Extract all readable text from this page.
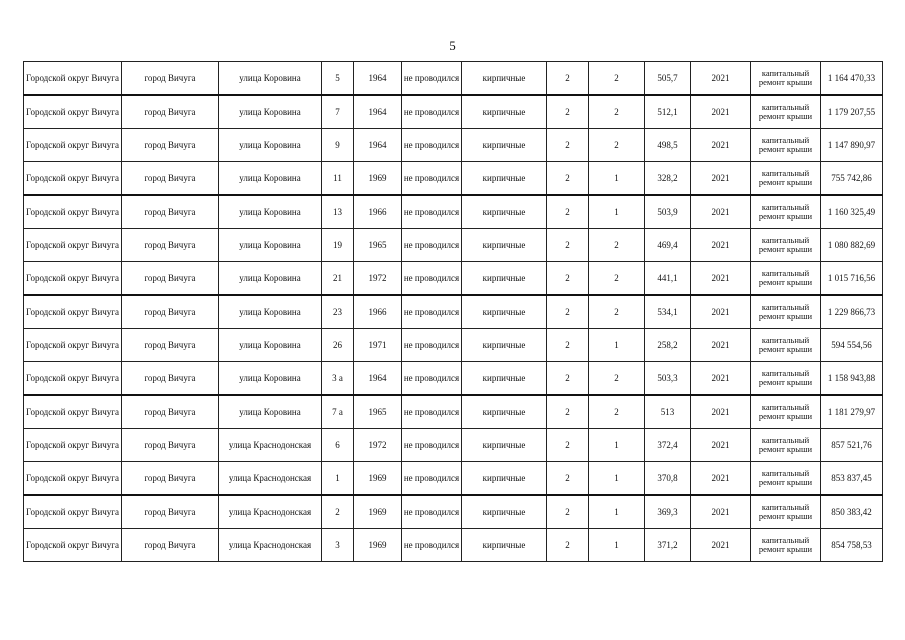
5
Городской округ Вичуга	город Вичуга	улица Коровина	5	1964	не проводился	кирпичные	2	2	505,7	2021	капитальный ремонт крыши	1 164 470,33
Городской округ Вичуга	город Вичуга	улица Коровина	7	1964	не проводился	кирпичные	2	2	512,1	2021	капитальный ремонт крыши	1 179 207,55
Городской округ Вичуга	город Вичуга	улица Коровина	9	1964	не проводился	кирпичные	2	2	498,5	2021	капитальный ремонт крыши	1 147 890,97
Городской округ Вичуга	город Вичуга	улица Коровина	11	1969	не проводился	кирпичные	2	1	328,2	2021	капитальный ремонт крыши	755 742,86
Городской округ Вичуга	город Вичуга	улица Коровина	13	1966	не проводился	кирпичные	2	1	503,9	2021	капитальный ремонт крыши	1 160 325,49
Городской округ Вичуга	город Вичуга	улица Коровина	19	1965	не проводился	кирпичные	2	2	469,4	2021	капитальный ремонт крыши	1 080 882,69
Городской округ Вичуга	город Вичуга	улица Коровина	21	1972	не проводился	кирпичные	2	2	441,1	2021	капитальный ремонт крыши	1 015 716,56
Городской округ Вичуга	город Вичуга	улица Коровина	23	1966	не проводился	кирпичные	2	2	534,1	2021	капитальный ремонт крыши	1 229 866,73
Городской округ Вичуга	город Вичуга	улица Коровина	26	1971	не проводился	кирпичные	2	1	258,2	2021	капитальный ремонт крыши	594 554,56
Городской округ Вичуга	город Вичуга	улица Коровина	3 а	1964	не проводился	кирпичные	2	2	503,3	2021	капитальный ремонт крыши	1 158 943,88
Городской округ Вичуга	город Вичуга	улица Коровина	7 а	1965	не проводился	кирпичные	2	2	513	2021	капитальный ремонт крыши	1 181 279,97
Городской округ Вичуга	город Вичуга	улица Краснодонская	6	1972	не проводился	кирпичные	2	1	372,4	2021	капитальный ремонт крыши	857 521,76
Городской округ Вичуга	город Вичуга	улица Краснодонская	1	1969	не проводился	кирпичные	2	1	370,8	2021	капитальный ремонт крыши	853 837,45
Городской округ Вичуга	город Вичуга	улица Краснодонская	2	1969	не проводился	кирпичные	2	1	369,3	2021	капитальный ремонт крыши	850 383,42
Городской округ Вичуга	город Вичуга	улица Краснодонская	3	1969	не проводился	кирпичные	2	1	371,2	2021	капитальный ремонт крыши	854 758,53
